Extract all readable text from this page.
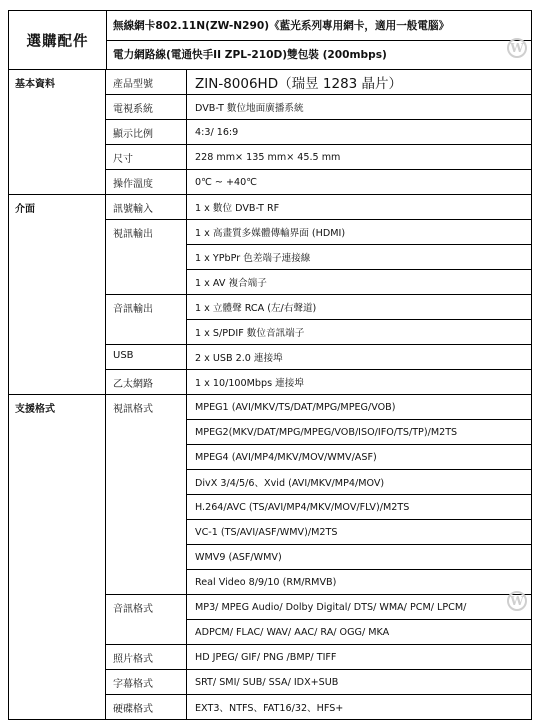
選購配件
無線網卡802.11N(ZW-N290)《藍光系列專用網卡，適用一般電腦》
電力網路線(電通快手II ZPL-210D)雙包裝 (200mbps)
基本資料	產品型號	ZIN-8006HD（瑞昱 1283 晶片）
電視系統	DVB-T 數位地面廣播系統
顯示比例	4:3/ 16:9
尺寸	228 mm× 135 mm× 45.5 mm
操作溫度	0℃ ~ +40℃
介面	訊號輸入	1 x 數位 DVB-T RF
視訊輸出	1 x 高畫質多媒體傳輸界面 (HDMI)
1 x YPbPr 色差端子連接線
1 x AV 複合端子
音訊輸出	1 x 立體聲 RCA (左/右聲道)
1 x S/PDIF 數位音訊端子
USB	2 x USB 2.0 連接埠
乙太網路	1 x 10/100Mbps 連接埠
支援格式	視訊格式	MPEG1 (AVI/MKV/TS/DAT/MPG/MPEG/VOB)
MPEG2(MKV/DAT/MPG/MPEG/VOB/ISO/IFO/TS/TP)/M2TS
MPEG4 (AVI/MP4/MKV/MOV/WMV/ASF)
DivX 3/4/5/6、Xvid (AVI/MKV/MP4/MOV)
H.264/AVC (TS/AVI/MP4/MKV/MOV/FLV)/M2TS
VC-1 (TS/AVI/ASF/WMV)/M2TS
WMV9 (ASF/WMV)
Real Video 8/9/10 (RM/RMVB)
音訊格式	MP3/ MPEG Audio/ Dolby Digital/ DTS/ WMA/ PCM/ LPCM/
ADPCM/ FLAC/ WAV/ AAC/ RA/ OGG/ MKA
照片格式	HD JPEG/ GIF/ PNG /BMP/ TIFF
字幕格式	SRT/ SMI/ SUB/ SSA/ IDX+SUB
硬碟格式	EXT3、NTFS、FAT16/32、HFS+
W
W
